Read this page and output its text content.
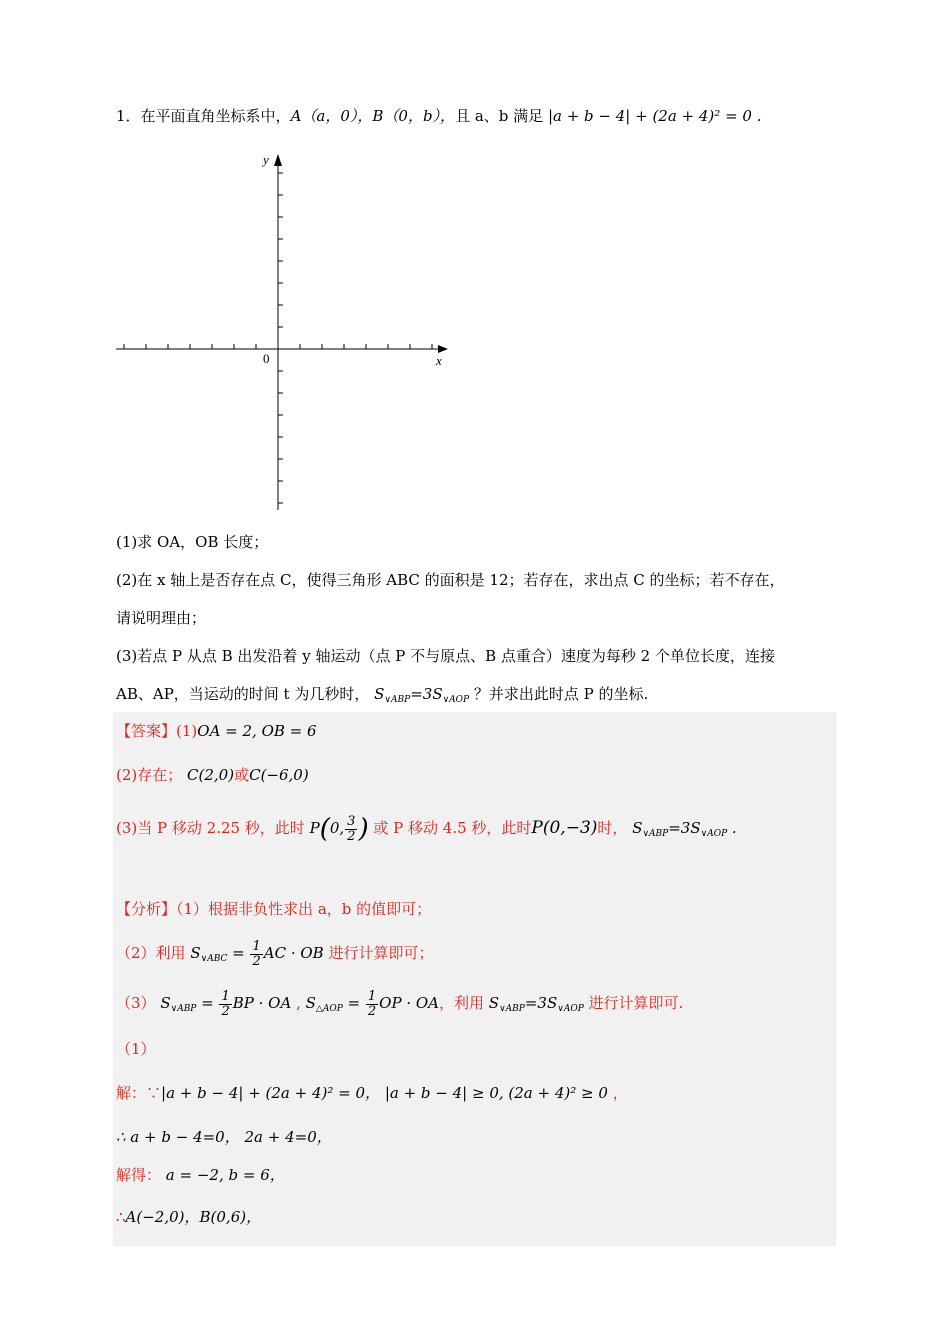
1．在平面直角坐标系中，A（a，0），B（0，b），且 a、b 满足 |a + b − 4| + (2a + 4)² = 0 .
y
x
0
(1)求 OA，OB 长度；
(2)在 x 轴上是否存在点 C，使得三角形 ABC 的面积是 12；若存在，求出点 C 的坐标；若不存在，
请说明理由；
(3)若点 P 从点 B 出发沿着 y 轴运动（点 P 不与原点、B 点重合）速度为每秒 2 个单位长度，连接
AB、AP，当运动的时间 t 为几秒时， $S_{\vee ABP}=3S_{\vee AOP}$ ？并求出此时点 P 的坐标.
【答案】(1)OA = 2, OB = 6
(2)存在； C(2,0)或C(−6,0)
(3)当 P 移动 2.25 秒，此时 P(0, $\frac{3}{2}$ ) 或 P 移动 4.5 秒，此时P(0,−3)时， $S_{\vee ABP}=3S_{\vee AOP}$ .
【分析】（1）根据非负性求出 a，b 的值即可；
（2）利用 $S_{\vee ABC} = \frac{1}{2}$ AC · OB 进行计算即可；
（3） $S_{\vee ABP} = \frac{1}{2}$ BP · OA , $S_{\triangle AOP} = \frac{1}{2}$ OP · OA，利用 $S_{\vee ABP}=3S_{\vee AOP}$ 进行计算即可.
（1）
解：∵|a + b − 4| + (2a + 4)² = 0， |a + b − 4| ≥ 0, (2a + 4)² ≥ 0 ，
∴ a + b − 4=0， 2a + 4=0，
解得： a = −2, b = 6，
∴A(−2,0)，B(0,6)，
